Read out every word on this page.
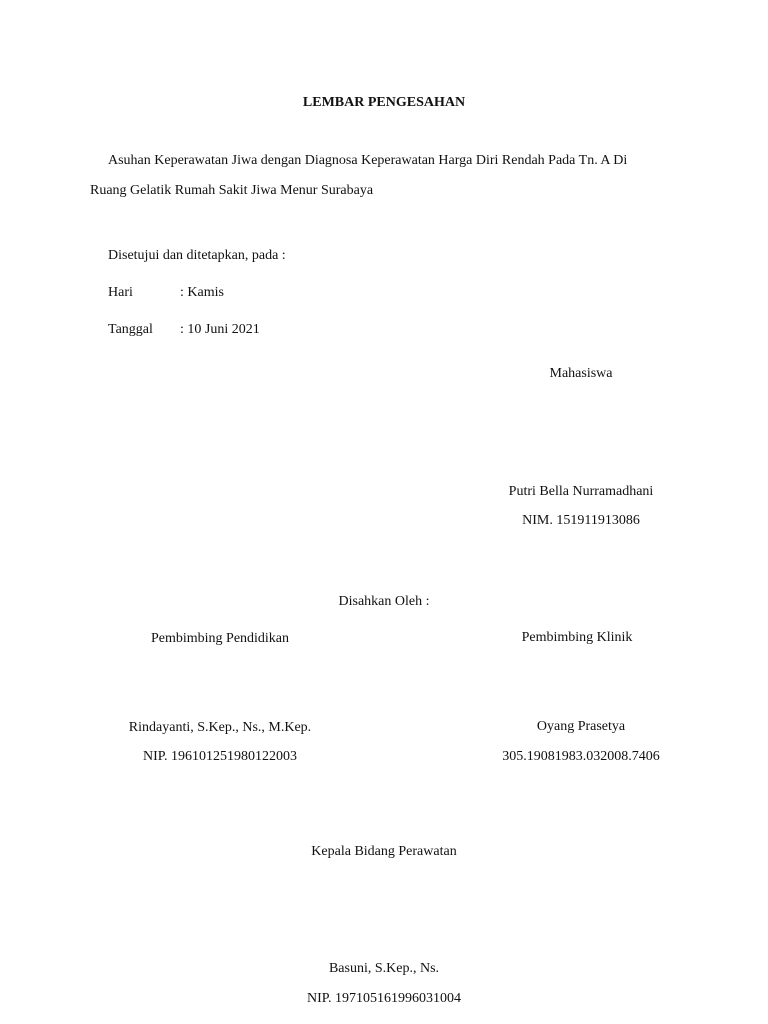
LEMBAR PENGESAHAN
Asuhan Keperawatan Jiwa dengan Diagnosa Keperawatan Harga Diri Rendah Pada Tn. A Di
Ruang Gelatik Rumah Sakit Jiwa Menur Surabaya
Disetujui dan ditetapkan, pada :
Hari	: Kamis
Tanggal : 10 Juni 2021
Mahasiswa
Putri Bella Nurramadhani
NIM. 151911913086
Disahkan Oleh :
Pembimbing Pendidikan	Pembimbing Klinik
Rindayanti, S.Kep., Ns., M.Kep.	Oyang Prasetya
NIP. 196101251980122003	305.19081983.032008.7406
Kepala Bidang Perawatan
Basuni, S.Kep., Ns.
NIP. 197105161996031004
